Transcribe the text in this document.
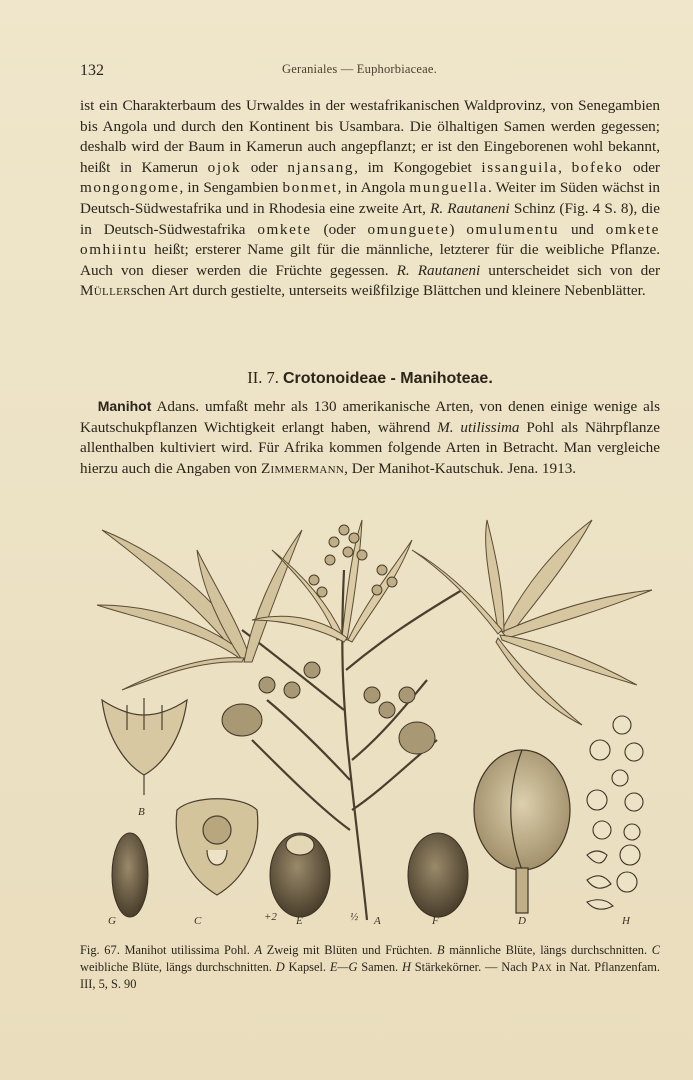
132	Geraniales — Euphorbiaceae.

ist ein Charakterbaum des Urwaldes in der westafrikanischen Waldprovinz, von Senegambien bis Angola und durch den Kontinent bis Usambara. Die ölhaltigen Samen werden gegessen; deshalb wird der Baum in Kamerun auch angepflanzt; er ist den Eingeborenen wohl bekannt, heißt in Kamerun ojok oder njansang, im Kongogebiet issanguila, bofeko oder mongongome, in Sengambien bonmet, in Angola munguella. Weiter im Süden wächst in Deutsch-Südwestafrika und in Rhodesia eine zweite Art, R. Rautaneni Schinz (Fig. 4 S. 8), die in Deutsch-Südwestafrika omkete (oder omunguete) omulumentu und omkete omhiintu heißt; ersterer Name gilt für die männliche, letzterer für die weibliche Pflanze. Auch von dieser werden die Früchte gegessen. R. Rautaneni unterscheidet sich von der Müllerschen Art durch gestielte, unterseits weißfilzige Blättchen und kleinere Nebenblätter.

II. 7. Crotonoideae - Manihoteae.

Manihot Adans. umfaßt mehr als 130 amerikanische Arten, von denen einige wenige als Kautschukpflanzen Wichtigkeit erlangt haben, während M. utilissima Pohl als Nährpflanze allenthalben kultiviert wird. Für Afrika kommen folgende Arten in Betracht. Man vergleiche hierzu auch die Angaben von Zimmermann, Der Manihot-Kautschuk. Jena. 1913.

B
C
G	+2 E	½ A	F	D	H
Fig. 67. Manihot utilissima Pohl. A Zweig mit Blüten und Früchten. B männliche Blüte, längs durchschnitten. C weibliche Blüte, längs durchschnitten. D Kapsel. E—G Samen. H Stärkekörner. — Nach Pax in Nat. Pflanzenfam. III, 5, S. 90
